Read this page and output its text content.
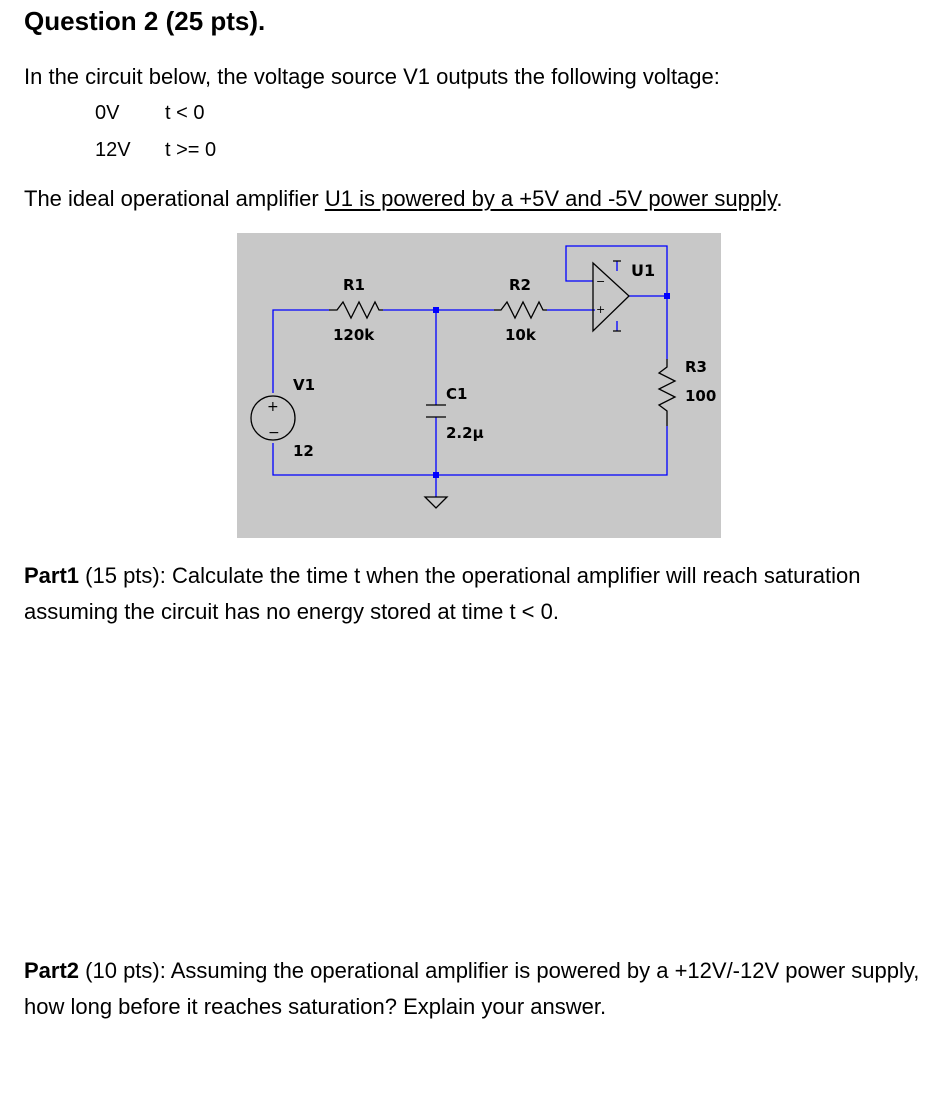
Question 2 (25 pts).
In the circuit below, the voltage source V1 outputs the following voltage:
0V t < 0
12V t >= 0
The ideal operational amplifier U1 is powered by a +5V and -5V power supply.
+
−
−
+
R1
120k
R2
10k
U1
V1
12
C1
2.2µ
R3
100
Part1 (15 pts): Calculate the time t when the operational amplifier will reach saturation assuming the circuit has no energy stored at time t < 0.
Part2 (10 pts): Assuming the operational amplifier is powered by a +12V/-12V power supply, how long before it reaches saturation? Explain your answer.
